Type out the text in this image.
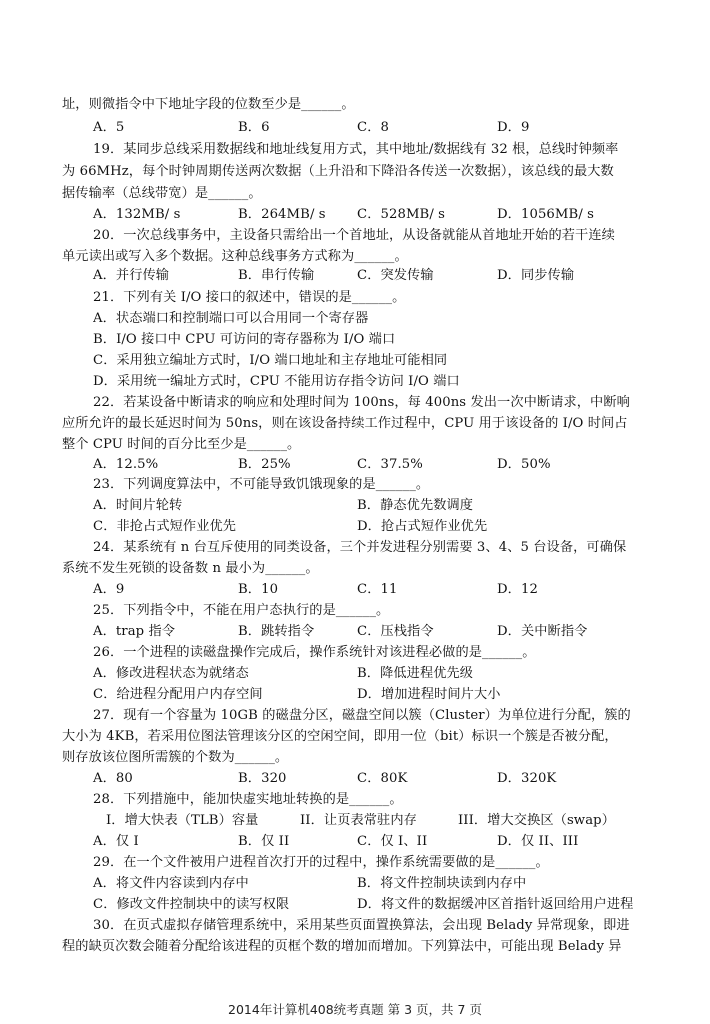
址，则微指令中下地址字段的位数至少是______。
A．5	B．6	C．8	D．9
19．某同步总线采用数据线和地址线复用方式，其中地址/数据线有 32 根，总线时钟频率
为 66MHz，每个时钟周期传送两次数据（上升沿和下降沿各传送一次数据），该总线的最大数
据传输率（总线带宽）是______。
A．132MB/ s	B．264MB/ s C．528MB/ s	D．1056MB/ s
20．一次总线事务中，主设备只需给出一个首地址，从设备就能从首地址开始的若干连续
单元读出或写入多个数据。这种总线事务方式称为______。
A．并行传输	B．串行传输	C．突发传输	D．同步传输
21．下列有关 I/O 接口的叙述中，错误的是______。
A．状态端口和控制端口可以合用同一个寄存器
B．I/O 接口中 CPU 可访问的寄存器称为 I/O 端口
C．采用独立编址方式时，I/O 端口地址和主存地址可能相同
D．采用统一编址方式时，CPU 不能用访存指令访问 I/O 端口
22．若某设备中断请求的响应和处理时间为 100ns，每 400ns 发出一次中断请求，中断响
应所允许的最长延迟时间为 50ns，则在该设备持续工作过程中，CPU 用于该设备的 I/O 时间占
整个 CPU 时间的百分比至少是______。
A．12.5%	B．25%	C．37.5%	D．50%
23．下列调度算法中，不可能导致饥饿现象的是______。
A．时间片轮转	B．静态优先数调度
C．非抢占式短作业优先	D．抢占式短作业优先
24．某系统有 n 台互斥使用的同类设备，三个并发进程分别需要 3、4、5 台设备，可确保
系统不发生死锁的设备数 n 最小为______。
A．9	B．10	C．11	D．12
25．下列指令中，不能在用户态执行的是______。
A．trap 指令	B．跳转指令	C．压栈指令	D．关中断指令
26．一个进程的读磁盘操作完成后，操作系统针对该进程必做的是______。
A．修改进程状态为就绪态	B．降低进程优先级
C．给进程分配用户内存空间	D．增加进程时间片大小
27．现有一个容量为 10GB 的磁盘分区，磁盘空间以簇（Cluster）为单位进行分配，簇的
大小为 4KB，若采用位图法管理该分区的空闲空间，即用一位（bit）标识一个簇是否被分配，
则存放该位图所需簇的个数为______。
A．80	B．320	C．80K	D．320K
28．下列措施中，能加快虚实地址转换的是______。
I．增大快表（TLB）容量	II．让页表常驻内存	III．增大交换区（swap）
A．仅 I	B．仅 II	C．仅 I、II	D．仅 II、III
29．在一个文件被用户进程首次打开的过程中，操作系统需要做的是______。
A．将文件内容读到内存中	B．将文件控制块读到内存中
C．修改文件控制块中的读写权限	D．将文件的数据缓冲区首指针返回给用户进程
30．在页式虚拟存储管理系统中，采用某些页面置换算法，会出现 Belady 异常现象，即进
程的缺页次数会随着分配给该进程的页框个数的增加而增加。下列算法中，可能出现 Belady 异
2014年计算机408统考真题 第 3 页，共 7 页
